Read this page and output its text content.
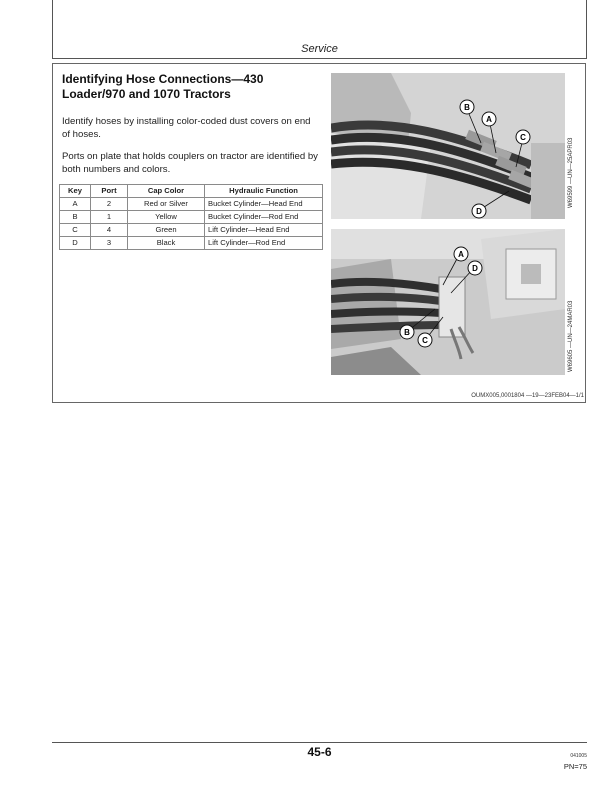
Service
Identifying Hose Connections—430 Loader/970 and 1070 Tractors
Identify hoses by installing color-coded dust covers on end of hoses.
Ports on plate that holds couplers on tractor are identified by both numbers and colors.
Key	Port	Cap Color	Hydraulic Function
A	2	Red or Silver	Bucket Cylinder—Head End
B	1	Yellow	Bucket Cylinder—Rod End
C	4	Green	Lift Cylinder—Head End
D	3	Black	Lift Cylinder—Rod End
B
A
C
D
W69599 —UN—25APR03
A
D
B
C	W69605 —UN—24MAR03
OUMX005,0001804 —19—23FEB04—1/1
45-6	041005
PN=75
